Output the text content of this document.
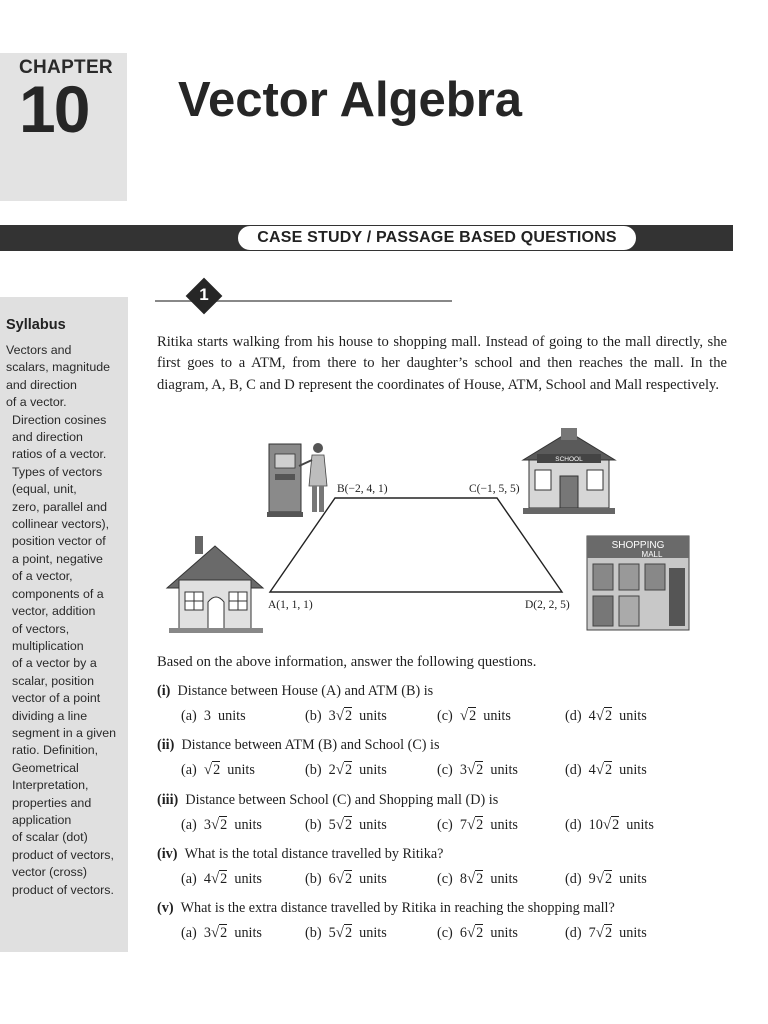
CHAPTER
10 Vector Algebra
CASE STUDY / PASSAGE BASED QUESTIONS
Syllabus
Vectors and
scalars, magnitude
and direction
of a vector.
Direction cosines
and direction
ratios of a vector.
Types of vectors
(equal, unit,
zero, parallel and
collinear vectors),
position vector of
a point, negative
of a vector,
components of a
vector, addition
of vectors,
multiplication
of a vector by a
scalar, position
vector of a point
dividing a line
segment in a given
ratio. Definition,
Geometrical
Interpretation,
properties and
application
of scalar (dot)
product of vectors,
vector (cross)
product of vectors.
1
Ritika starts walking from his house to shopping mall. Instead of going to the mall directly, she first goes to a ATM, from there to her daughter’s school and then reaches the mall. In the diagram, A, B, C and D represent the coordinates of House, ATM, School and Mall respectively.
SCHOOL
SHOPPING
MALL
B(−2, 4, 1)	C(−1, 5, 5)
A(1, 1, 1)	D(2, 2, 5)
Based on the above information, answer the following questions.
(i) Distance between House (A) and ATM (B) is
(a) 3 units	(b) 3√2 units	(c) √2 units	(d) 4√2 units
(ii) Distance between ATM (B) and School (C) is
(a) √2 units	(b) 2√2 units	(c) 3√2 units	(d) 4√2 units
(iii) Distance between School (C) and Shopping mall (D) is
(a) 3√2 units	(b) 5√2 units	(c) 7√2 units	(d) 10√2 units
(iv) What is the total distance travelled by Ritika?
(a) 4√2 units	(b) 6√2 units	(c) 8√2 units	(d) 9√2 units
(v) What is the extra distance travelled by Ritika in reaching the shopping mall?
(a) 3√2 units	(b) 5√2 units	(c) 6√2 units	(d) 7√2 units
